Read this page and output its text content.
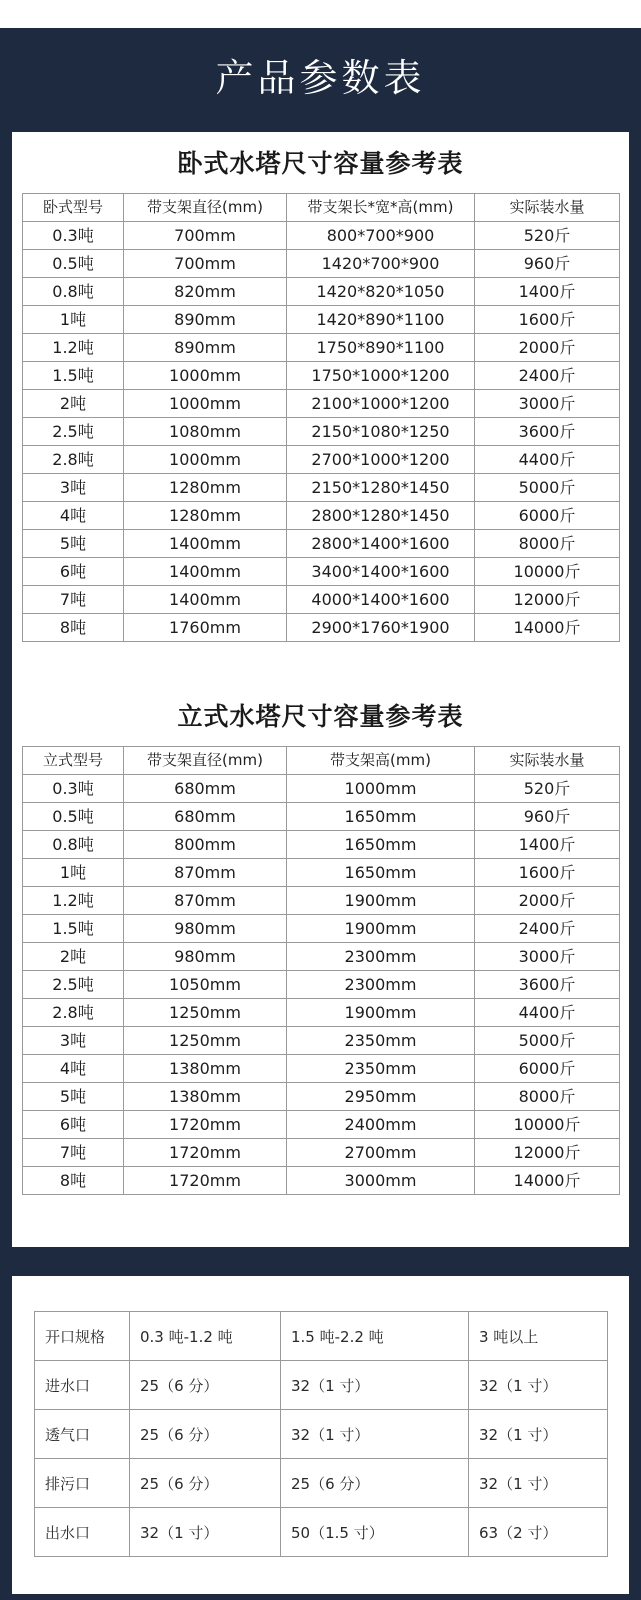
产品参数表
卧式水塔尺寸容量参考表
卧式型号	带支架直径(mm)	带支架长*宽*高(mm)	实际装水量
0.3吨	700mm	800*700*900	520斤
0.5吨	700mm	1420*700*900	960斤
0.8吨	820mm	1420*820*1050	1400斤
1吨	890mm	1420*890*1100	1600斤
1.2吨	890mm	1750*890*1100	2000斤
1.5吨	1000mm	1750*1000*1200	2400斤
2吨	1000mm	2100*1000*1200	3000斤
2.5吨	1080mm	2150*1080*1250	3600斤
2.8吨	1000mm	2700*1000*1200	4400斤
3吨	1280mm	2150*1280*1450	5000斤
4吨	1280mm	2800*1280*1450	6000斤
5吨	1400mm	2800*1400*1600	8000斤
6吨	1400mm	3400*1400*1600	10000斤
7吨	1400mm	4000*1400*1600	12000斤
8吨	1760mm	2900*1760*1900	14000斤
立式水塔尺寸容量参考表
立式型号	带支架直径(mm)	带支架高(mm)	实际装水量
0.3吨	680mm	1000mm	520斤
0.5吨	680mm	1650mm	960斤
0.8吨	800mm	1650mm	1400斤
1吨	870mm	1650mm	1600斤
1.2吨	870mm	1900mm	2000斤
1.5吨	980mm	1900mm	2400斤
2吨	980mm	2300mm	3000斤
2.5吨	1050mm	2300mm	3600斤
2.8吨	1250mm	1900mm	4400斤
3吨	1250mm	2350mm	5000斤
4吨	1380mm	2350mm	6000斤
5吨	1380mm	2950mm	8000斤
6吨	1720mm	2400mm	10000斤
7吨	1720mm	2700mm	12000斤
8吨	1720mm	3000mm	14000斤
开口规格	0.3 吨-1.2 吨	1.5 吨-2.2 吨	3 吨以上
进水口	25（6 分）	32（1 寸）	32（1 寸）
透气口	25（6 分）	32（1 寸）	32（1 寸）
排污口	25（6 分）	25（6 分）	32（1 寸）
出水口	32（1 寸）	50（1.5 寸）	63（2 寸）
